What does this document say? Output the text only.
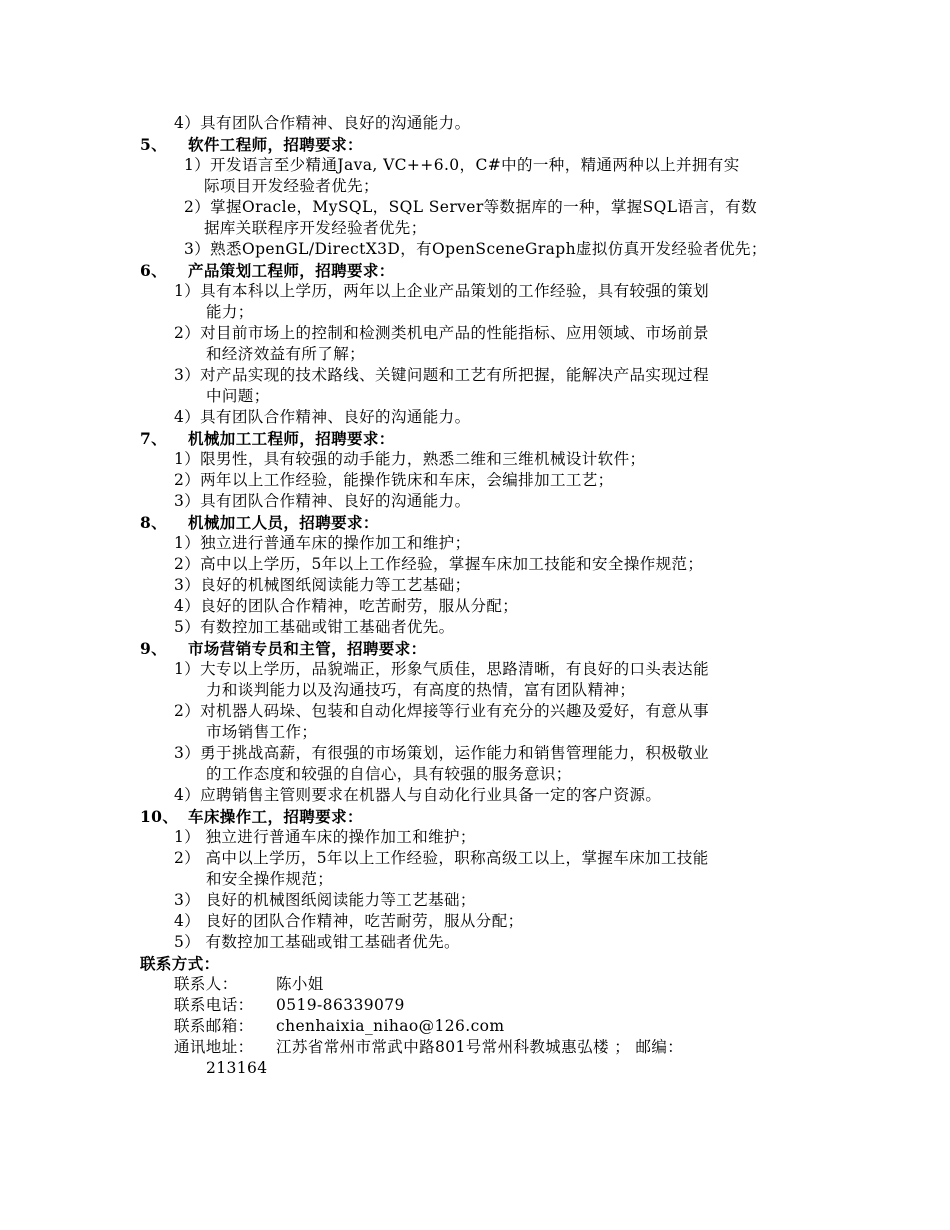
4）具有团队合作精神、良好的沟通能力。
5、 软件工程师，招聘要求：
1）开发语言至少精通Java, VC++6.0，C#中的一种，精通两种以上并拥有实
际项目开发经验者优先；
2）掌握Oracle，MySQL，SQL Server等数据库的一种，掌握SQL语言，有数
据库关联程序开发经验者优先；
3）熟悉OpenGL/DirectX3D，有OpenSceneGraph虚拟仿真开发经验者优先；
6、 产品策划工程师，招聘要求：
1）具有本科以上学历，两年以上企业产品策划的工作经验，具有较强的策划
能力；
2）对目前市场上的控制和检测类机电产品的性能指标、应用领域、市场前景
和经济效益有所了解；
3）对产品实现的技术路线、关键问题和工艺有所把握，能解决产品实现过程
中问题；
4）具有团队合作精神、良好的沟通能力。
7、 机械加工工程师，招聘要求：
1）限男性，具有较强的动手能力，熟悉二维和三维机械设计软件；
2）两年以上工作经验，能操作铣床和车床，会编排加工工艺；
3）具有团队合作精神、良好的沟通能力。
8、 机械加工人员，招聘要求：
1）独立进行普通车床的操作加工和维护；
2）高中以上学历，5年以上工作经验，掌握车床加工技能和安全操作规范；
3）良好的机械图纸阅读能力等工艺基础；
4）良好的团队合作精神，吃苦耐劳，服从分配；
5）有数控加工基础或钳工基础者优先。
9、 市场营销专员和主管，招聘要求：
1）大专以上学历，品貌端正，形象气质佳，思路清晰，有良好的口头表达能
力和谈判能力以及沟通技巧，有高度的热情，富有团队精神；
2）对机器人码垛、包装和自动化焊接等行业有充分的兴趣及爱好，有意从事
市场销售工作；
3）勇于挑战高薪，有很强的市场策划，运作能力和销售管理能力，积极敬业
的工作态度和较强的自信心，具有较强的服务意识；
4）应聘销售主管则要求在机器人与自动化行业具备一定的客户资源。
10、 车床操作工，招聘要求：
1） 独立进行普通车床的操作加工和维护；
2） 高中以上学历，5年以上工作经验，职称高级工以上，掌握车床加工技能
和安全操作规范；
3） 良好的机械图纸阅读能力等工艺基础；
4） 良好的团队合作精神，吃苦耐劳，服从分配；
5） 有数控加工基础或钳工基础者优先。
联系方式：
联系人： 陈小姐
联系电话： 0519-86339079
联系邮箱： chenhaixia_nihao@126.com
通讯地址： 江苏省常州市常武中路801号常州科教城惠弘楼 ； 邮编：
213164
